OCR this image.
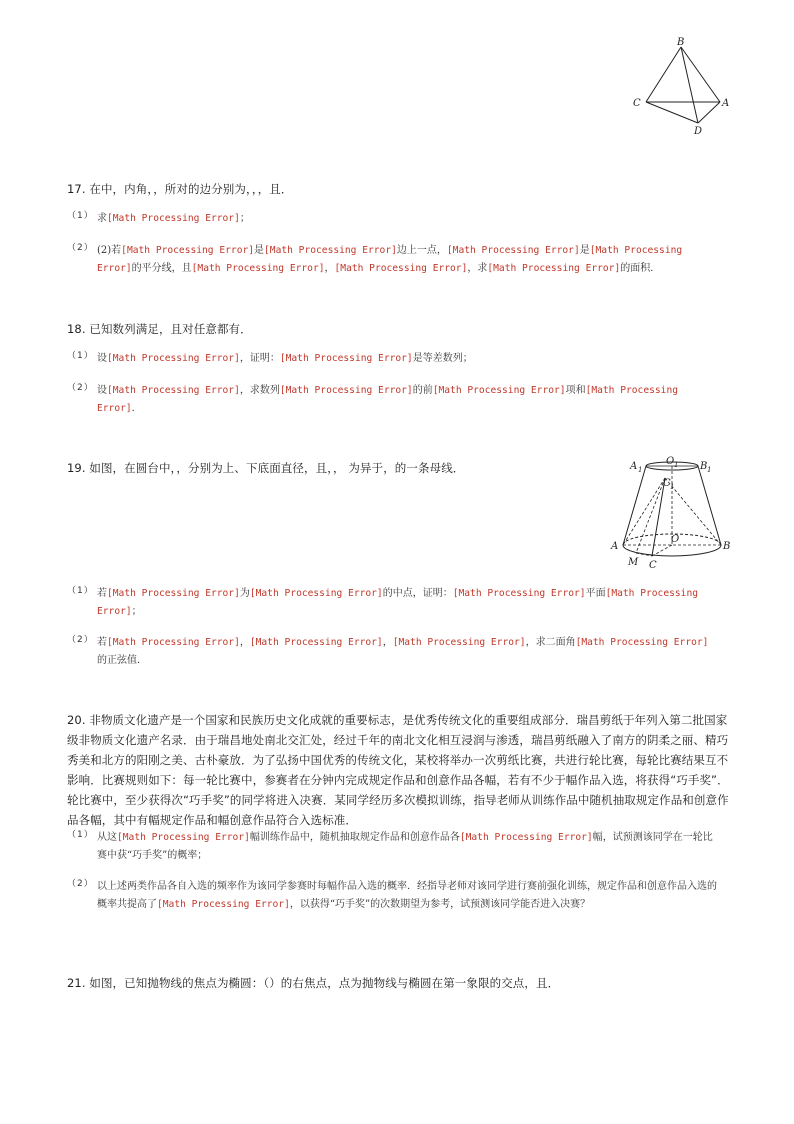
B
C	A
D
17. 在中，内角，，所对的边分别为，，，且．
（1） 求[Math Processing Error]；
（2） (2)若[Math Processing Error]是[Math Processing Error]边上一点，[Math Processing Error]是[Math Processing Error]的平分线，且[Math Processing Error]，[Math Processing Error]，求[Math Processing Error]的面积．
18. 已知数列满足，且对任意都有．
（1） 设[Math Processing Error]，证明：[Math Processing Error]是等差数列；
（2） 设[Math Processing Error]，求数列[Math Processing Error]的前[Math Processing Error]项和[Math Processing Error]．
19. 如图，在圆台中，，分别为上、下底面直径，且，， 为异于，的一条母线．	A 1
O 1 B 1
C 1
A
O
B
M C
（1） 若[Math Processing Error]为[Math Processing Error]的中点，证明：[Math Processing Error]平面[Math Processing Error]；
（2） 若[Math Processing Error]，[Math Processing Error]，[Math Processing Error]，求二面角[Math Processing Error]的正弦值．
20. 非物质文化遗产是一个国家和民族历史文化成就的重要标志，是优秀传统文化的重要组成部分．瑞昌剪纸于年列入第二批国家级非物质文化遗产名录．由于瑞昌地处南北交汇处，经过千年的南北文化相互浸润与渗透，瑞昌剪纸融入了南方的阴柔之丽、精巧秀美和北方的阳刚之美、古朴豪放．为了弘扬中国优秀的传统文化，某校将举办一次剪纸比赛，共进行轮比赛，每轮比赛结果互不影响．比赛规则如下：每一轮比赛中，参赛者在分钟内完成规定作品和创意作品各幅，若有不少于幅作品入选，将获得“巧手奖”．轮比赛中，至少获得次“巧手奖”的同学将进入决赛．某同学经历多次模拟训练，指导老师从训练作品中随机抽取规定作品和创意作品各幅，其中有幅规定作品和幅创意作品符合入选标准．
（1） 从这[Math Processing Error]幅训练作品中，随机抽取规定作品和创意作品各[Math Processing Error]幅，试预测该同学在一轮比赛中获“巧手奖”的概率；
（2） 以上述两类作品各自入选的频率作为该同学参赛时每幅作品入选的概率．经指导老师对该同学进行赛前强化训练，规定作品和创意作品入选的概率共提高了[Math Processing Error]，以获得“巧手奖”的次数期望为参考，试预测该同学能否进入决赛？
21. 如图，已知抛物线的焦点为椭圆：（）的右焦点，点为抛物线与椭圆在第一象限的交点，且．
